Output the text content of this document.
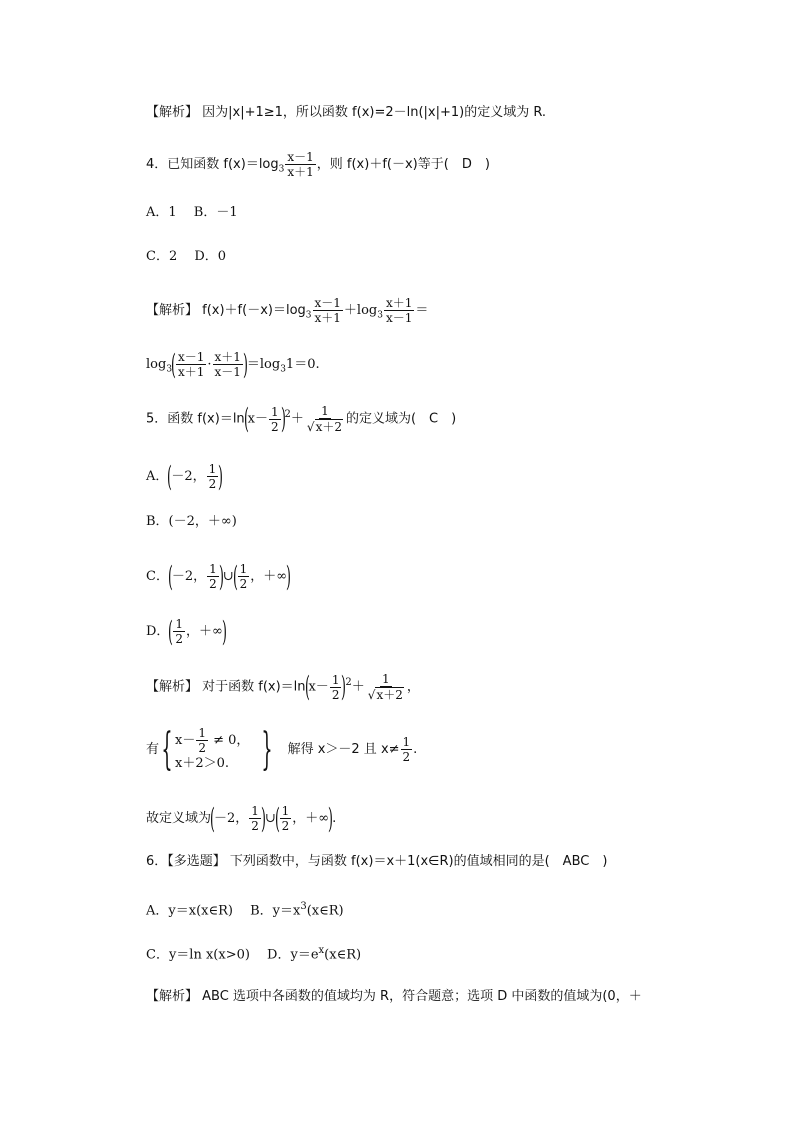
【解析】 因为|x|+1≥1，所以函数 f(x)=2－ln(|x|+1)的定义域为 R.
4．已知函数 $f(x)=\log_3 \frac{x-1}{x+1}$ ，则 f(x)＋f(－x)等于(　D　)
A．1　 B．－1
C．2　 D．0
【解析】 $f(x)+f(-x)=\log_3 \frac{x-1}{x+1} +\log_3 \frac{x+1}{x-1}$ ＝
$\log_3( \frac{x-1}{x+1} \cdot \frac{x+1}{x-1} )=\log_31=0$.
5．函数 $f(x)=\ln(x- \frac{1}{2} )^2+ \frac{1}{√x+2}$ 的定义域为(　C　)
A．(－2， $\frac{1}{2}$ )
B．(－2，＋∞)
C．(－2， $\frac{1}{2}$ )∪( $\frac{1}{2}$ ，＋∞)
D．( $\frac{1}{2}$ ，＋∞)
【解析】 对于函数 $f(x)=\ln(x- \frac{1}{2} )^2+ \frac{1}{√x+2}$ ，
有{ $x- \frac{1}{2} \ne 0$，
x＋2＞0. } 解得 x＞－2 且 $x\ne \frac{1}{2}$ .
故定义域为(－2， $\frac{1}{2}$ )∪( $\frac{1}{2}$ ，＋∞).
6．【多选题】 下列函数中，与函数 f(x)＝x＋1(x∈R)的值域相同的是(　ABC　)
A．y＝x(x∈R)　 B．$y=x^3(x\in R)$
C．y＝ln x(x>0)　 D．$y=e^x(x\in R)$
【解析】 ABC 选项中各函数的值域均为 R，符合题意；选项 D 中函数的值域为(0，＋
